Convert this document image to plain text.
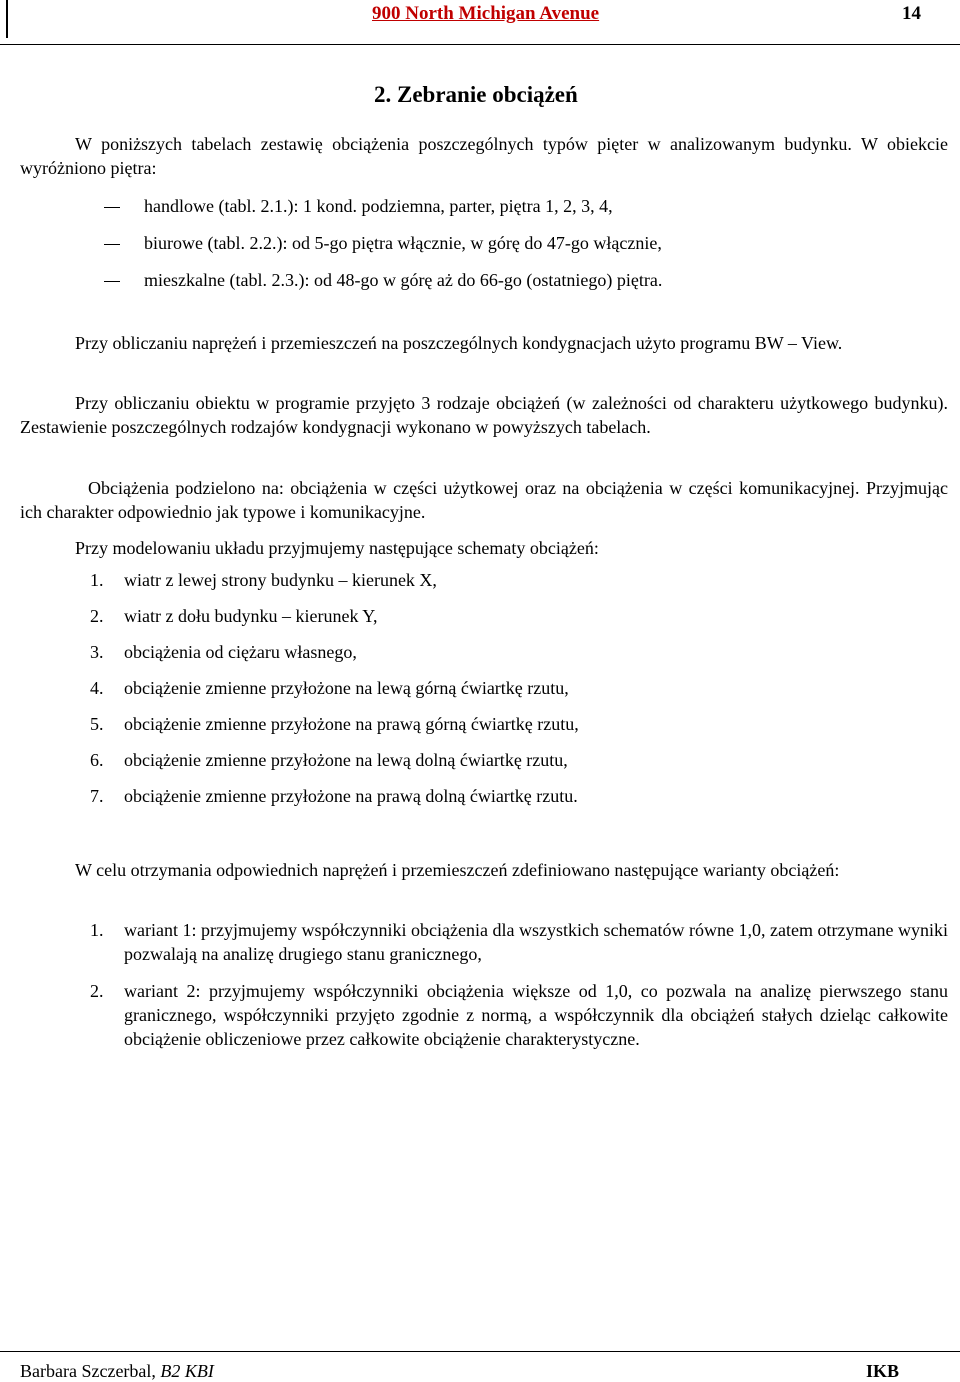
900 North Michigan Avenue	14
2. Zebranie obciążeń
W poniższych tabelach zestawię obciążenia poszczególnych typów pięter w analizowanym budynku. W obiekcie wyróżniono piętra:
handlowe (tabl. 2.1.): 1 kond. podziemna, parter, piętra 1, 2, 3, 4,
biurowe (tabl. 2.2.): od 5-go piętra włącznie, w górę do 47-go włącznie,
mieszkalne (tabl. 2.3.): od 48-go w górę aż do 66-go (ostatniego) piętra.
Przy obliczaniu naprężeń i przemieszczeń na poszczególnych kondygnacjach użyto programu BW – View.
Przy obliczaniu obiektu w programie przyjęto 3 rodzaje obciążeń (w zależności od charakteru użytkowego budynku). Zestawienie poszczególnych rodzajów kondygnacji wykonano w powyższych tabelach.
Obciążenia podzielono na: obciążenia w części użytkowej oraz na obciążenia w części komunikacyjnej. Przyjmując ich charakter odpowiednio jak typowe i komunikacyjne.
Przy modelowaniu układu przyjmujemy następujące schematy obciążeń:
1.	wiatr z lewej strony budynku – kierunek X,
2.	wiatr z dołu budynku – kierunek Y,
3.	obciążenia od ciężaru własnego,
4.	obciążenie zmienne przyłożone na lewą górną ćwiartkę rzutu,
5.	obciążenie zmienne przyłożone na prawą górną ćwiartkę rzutu,
6.	obciążenie zmienne przyłożone na lewą dolną ćwiartkę rzutu,
7.	obciążenie zmienne przyłożone na prawą dolną ćwiartkę rzutu.
W celu otrzymania odpowiednich naprężeń i przemieszczeń zdefiniowano następujące warianty obciążeń:
1.	wariant 1: przyjmujemy współczynniki obciążenia dla wszystkich schematów równe 1,0, zatem otrzymane wyniki pozwalają na analizę drugiego stanu granicznego,
2.	wariant 2: przyjmujemy współczynniki obciążenia większe od 1,0, co pozwala na analizę pierwszego stanu granicznego, współczynniki przyjęto zgodnie z normą, a współczynnik dla obciążeń stałych dzieląc całkowite obciążenie obliczeniowe przez całkowite obciążenie charakterystyczne.
Barbara Szczerbal, B2 KBI	IKB
